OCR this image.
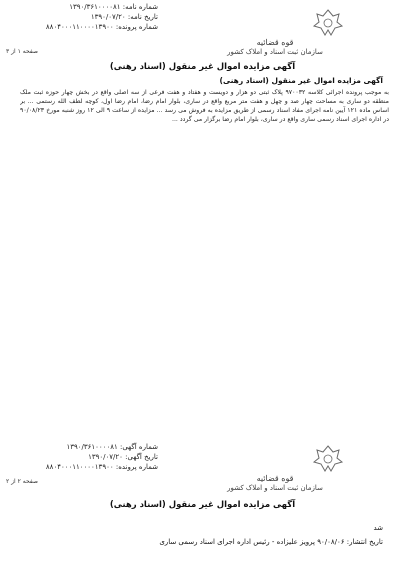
شماره نامه: ۱۳۹۰/۳۶۱۰۰۰۰۸۱
تاریخ نامه: ۱۳۹۰/۰۷/۲۰
شماره پرونده: ۸۸۰۴۰۰۰۱۱۰۰۰۰۱۳۹۰۰
قوه قضائیه
سازمان ثبت اسناد و املاک کشور
صفحه ۱ از ۳
آگهی مزایده اموال غیر منقول (اسناد رهنی)
آگهی مزایده اموال غیر منقول (اسناد رهنی)

به موجب پرونده اجرائی کلاسه ۹۷۰۰۳۲ پلاک ثبتی دو هزار و دویست و هفتاد و هفت فرعی از سه اصلی واقع در بخش چهار حوزه ثبت ملک منطقه دو ساری به مساحت چهار صد و چهل و هفت متر مربع واقع در ساری، بلوار امام رضا، امام رضا اول، کوچه لطف الله رستمی ... بر اساس ماده ۱۲۱ آیین نامه اجرای مفاد اسناد رسمی از طریق مزایده به فروش می رسد ... مزایده از ساعت ۹ الی ۱۲ روز شنبه مورخ ۹۰/۰۸/۲۳ در اداره اجرای اسناد رسمی ساری واقع در ساری، بلوار امام رضا برگزار می گردد ...

شماره آگهی: ۱۳۹۰/۳۶۱۰۰۰۰۸۱
تاریخ آگهی: ۱۳۹۰/۰۷/۲۰
شماره پرونده: ۸۸۰۴۰۰۰۱۱۰۰۰۰۱۳۹۰۰
قوه قضائیه
سازمان ثبت اسناد و املاک کشور
صفحه ۲ از ۲
آگهی مزایده اموال غیر منقول (اسناد رهنی)
شد
تاریخ انتشار: ۹۰/۰۸/۰۶ پرویز علیزاده - رئیس اداره اجرای اسناد رسمی ساری
